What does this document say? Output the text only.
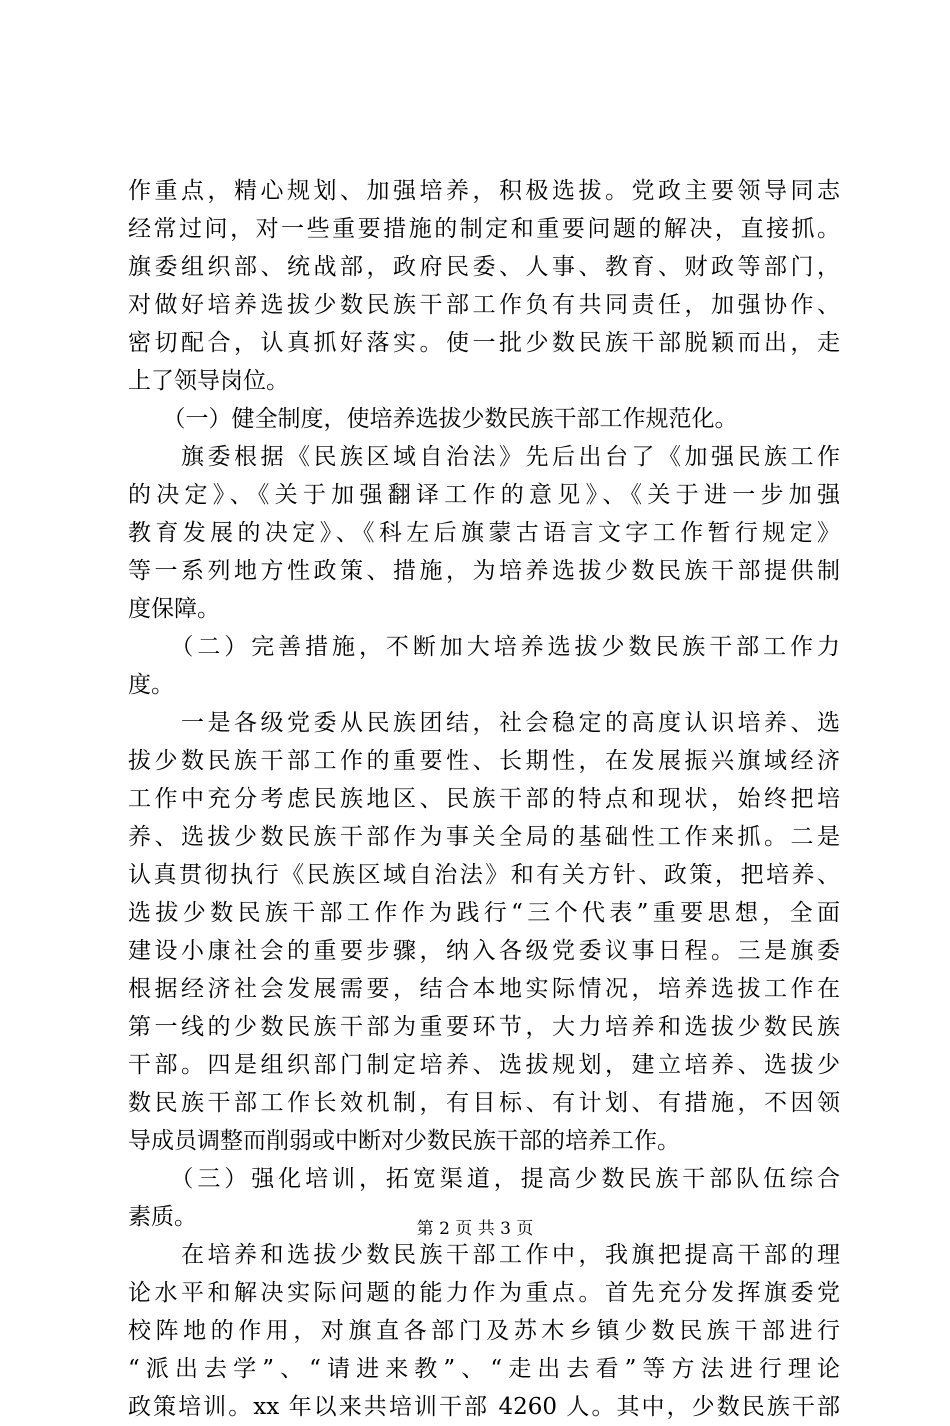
作重点，精心规划、加强培养，积极选拔。党政主要领导同志
经常过问，对一些重要措施的制定和重要问题的解决，直接抓。
旗委组织部、统战部，政府民委、人事、教育、财政等部门，
对做好培养选拔少数民族干部工作负有共同责任，加强协作、
密切配合，认真抓好落实。使一批少数民族干部脱颖而出，走
上了领导岗位。
　　（一）健全制度，使培养选拔少数民族干部工作规范化。
　　旗委根据《民族区域自治法》先后出台了《加强民族工作
的决定》、《关于加强翻译工作的意见》、《关于进一步加强
教育发展的决定》、《科左后旗蒙古语言文字工作暂行规定》
等一系列地方性政策、措施，为培养选拔少数民族干部提供制
度保障。
　　（二）完善措施，不断加大培养选拔少数民族干部工作力
度。
　　一是各级党委从民族团结，社会稳定的高度认识培养、选
拔少数民族干部工作的重要性、长期性，在发展振兴旗域经济
工作中充分考虑民族地区、民族干部的特点和现状，始终把培
养、选拔少数民族干部作为事关全局的基础性工作来抓。二是
认真贯彻执行《民族区域自治法》和有关方针、政策，把培养、
选拔少数民族干部工作作为践行“三个代表”重要思想，全面
建设小康社会的重要步骤，纳入各级党委议事日程。三是旗委
根据经济社会发展需要，结合本地实际情况，培养选拔工作在
第一线的少数民族干部为重要环节，大力培养和选拔少数民族
干部。四是组织部门制定培养、选拔规划，建立培养、选拔少
数民族干部工作长效机制，有目标、有计划、有措施，不因领
导成员调整而削弱或中断对少数民族干部的培养工作。
　　（三）强化培训，拓宽渠道，提高少数民族干部队伍综合
素质。
　　在培养和选拔少数民族干部工作中，我旗把提高干部的理
论水平和解决实际问题的能力作为重点。首先充分发挥旗委党
校阵地的作用，对旗直各部门及苏木乡镇少数民族干部进行
“派出去学”、“请进来教”、“走出去看”等方法进行理论
政策培训。xx 年以来共培训干部 4260 人。其中，少数民族干部
第 2 页 共 3 页
